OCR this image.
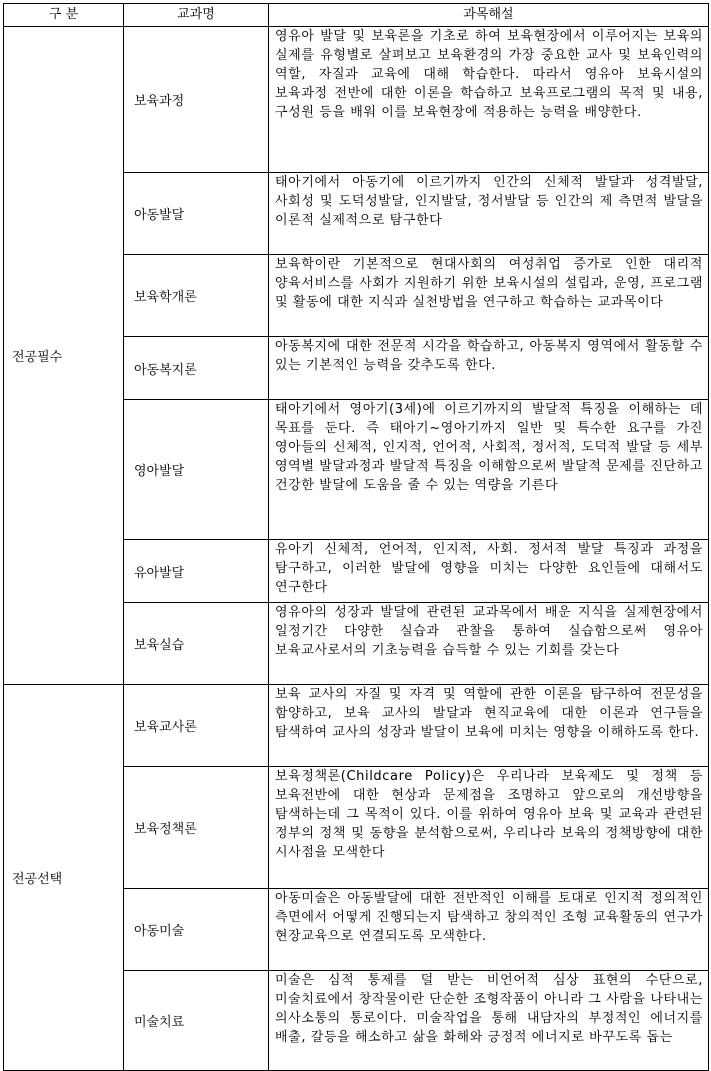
구 분	교과명	과목해설
전공필수	보육과정	영유아 발달 및 보육론을 기초로 하여 보육현장에서 이루어지는 보육의 실제를 유형별로 살펴보고 보육환경의 가장 중요한 교사 및 보육인력의 역할, 자질과 교육에 대해 학습한다. 따라서 영유아 보육시설의 보육과정 전반에 대한 이론을 학습하고 보육프로그램의 목적 및 내용, 구성원 등을 배워 이를 보육현장에 적용하는 능력을 배양한다.
	아동발달	태아기에서 아동기에 이르기까지 인간의 신체적 발달과 성격발달, 사회성 및 도덕성발달, 인지발달, 정서발달 등 인간의 제 측면적 발달을 이론적 실제적으로 탐구한다
	보육학개론	보육학이란 기본적으로 현대사회의 여성취업 증가로 인한 대리적 양육서비스를 사회가 지원하기 위한 보육시설의 설립과, 운영, 프로그램 및 활동에 대한 지식과 실천방법을 연구하고 학습하는 교과목이다
	아동복지론	아동복지에 대한 전문적 시각을 학습하고, 아동복지 영역에서 활동할 수 있는 기본적인 능력을 갖추도록 한다.
	영아발달	태아기에서 영아기(3세)에 이르기까지의 발달적 특징을 이해하는 데 목표를 둔다. 즉 태아기~영아기까지 일반 및 특수한 요구를 가진 영아들의 신체적, 인지적, 언어적, 사회적, 정서적, 도덕적 발달 등 세부 영역별 발달과정과 발달적 특징을 이해함으로써 발달적 문제를 진단하고 건강한 발달에 도움을 줄 수 있는 역량을 기른다
	유아발달	유아기 신체적, 언어적, 인지적, 사회. 정서적 발달 특징과 과정을 탐구하고, 이러한 발달에 영향을 미치는 다양한 요인들에 대해서도 연구한다
	보육실습	영유아의 성장과 발달에 관련된 교과목에서 배운 지식을 실제현장에서 일정기간 다양한 실습과 관찰을 통하여 실습함으로써 영유아 보육교사로서의 기초능력을 습득할 수 있는 기회를 갖는다
전공선택	보육교사론	보육 교사의 자질 및 자격 및 역할에 관한 이론을 탐구하여 전문성을 함양하고, 보육 교사의 발달과 현직교육에 대한 이론과 연구들을 탐색하여 교사의 성장과 발달이 보육에 미치는 영향을 이해하도록 한다.
	보육정책론	보육정책론(Childcare Policy)은 우리나라 보육제도 및 정책 등 보육전반에 대한 현상과 문제점을 조명하고 앞으로의 개선방향을 탐색하는데 그 목적이 있다. 이를 위하여 영유아 보육 및 교육과 관련된 정부의 정책 및 동향을 분석함으로써, 우리나라 보육의 정책방향에 대한 시사점을 모색한다
	아동미술	아동미술은 아동발달에 대한 전반적인 이해를 토대로 인지적 정의적인 측면에서 어떻게 진행되는지 탐색하고 창의적인 조형 교육활동의 연구가 현장교육으로 연결되도록 모색한다.
	미술치료	미술은 심적 통제를 덜 받는 비언어적 심상 표현의 수단으로, 미술치료에서 창작물이란 단순한 조형작품이 아니라 그 사람을 나타내는 의사소통의 통로이다. 미술작업을 통해 내담자의 부정적인 에너지를 배출, 갈등을 해소하고 삶을 화해와 긍정적 에너지로 바꾸도록 돕는
